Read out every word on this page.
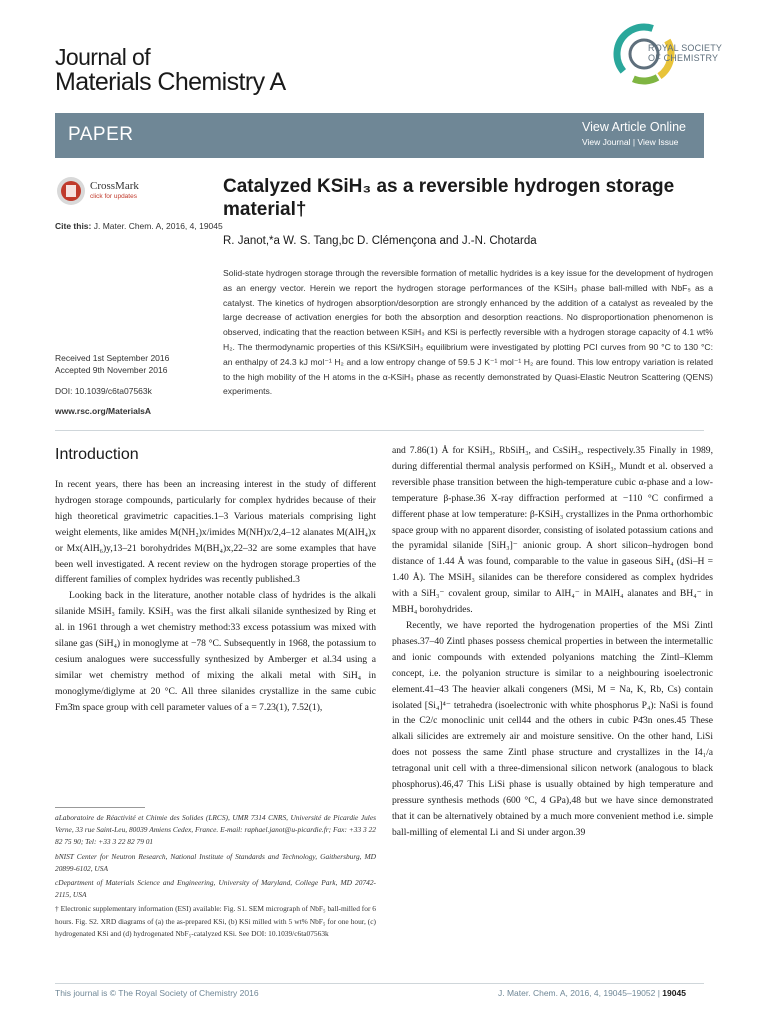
Journal of
Materials Chemistry A
ROYAL SOCIETY
OF CHEMISTRY
PAPER	View Article Online
View Journal | View Issue
CrossMark
click for updates
Cite this: J. Mater. Chem. A, 2016, 4, 19045
Received 1st September 2016
Accepted 9th November 2016
DOI: 10.1039/c6ta07563k
www.rsc.org/MaterialsA
Catalyzed KSiH₃ as a reversible hydrogen storage material†
R. Janot,*a W. S. Tang,bc D. Clémençona and J.-N. Chotarda
Solid-state hydrogen storage through the reversible formation of metallic hydrides is a key issue for the development of hydrogen as an energy vector. Herein we report the hydrogen storage performances of the KSiH₃ phase ball-milled with NbF₅ as a catalyst. The kinetics of hydrogen absorption/desorption are strongly enhanced by the addition of a catalyst as revealed by the large decrease of activation energies for both the absorption and desorption reactions. No disproportionation phenomenon is observed, indicating that the reaction between KSiH₃ and KSi is perfectly reversible with a hydrogen storage capacity of 4.1 wt% H₂. The thermodynamic properties of this KSi/KSiH₃ equilibrium were investigated by plotting PCI curves from 90 °C to 130 °C: an enthalpy of 24.3 kJ mol⁻¹ H₂ and a low entropy change of 59.5 J K⁻¹ mol⁻¹ H₂ are found. This low entropy variation is related to the high mobility of the H atoms in the α-KSiH₃ phase as recently demonstrated by Quasi-Elastic Neutron Scattering (QENS) experiments.
Introduction

In recent years, there has been an increasing interest in the study of different hydrogen storage compounds, particularly for complex hydrides because of their high theoretical gravimetric capacities.1–3 Various materials comprising light weight elements, like amides M(NH₂)x/imides M(NH)x/2,4–12 alanates M(AlH₄)x or Mx(AlH₆)y,13–21 borohydrides M(BH₄)x,22–32 are some examples that have been well investigated. A recent review on the hydrogen storage properties of the different families of complex hydrides was recently published.3

Looking back in the literature, another notable class of hydrides is the alkali silanide MSiH₃ family. KSiH₃ was the first alkali silanide synthesized by Ring et al. in 1961 through a wet chemistry method:33 excess potassium was mixed with silane gas (SiH₄) in monoglyme at −78 °C. Subsequently in 1968, the potassium to cesium analogues were successfully synthesized by Amberger et al.34 using a similar wet chemistry method of mixing the alkali metal with SiH₄ in monoglyme/diglyme at 20 °C. All three silanides crystallize in the same cubic Fm3̄m space group with cell parameter values of a = 7.23(1), 7.52(1),

and 7.86(1) Å for KSiH₃, RbSiH₃, and CsSiH₃, respectively.35 Finally in 1989, during differential thermal analysis performed on KSiH₃, Mundt et al. observed a reversible phase transition between the high-temperature cubic α-phase and a low-temperature β-phase.36 X-ray diffraction performed at −110 °C confirmed a different phase at low temperature: β-KSiH₃ crystallizes in the Pnma orthorhombic space group with no apparent disorder, consisting of isolated potassium cations and the pyramidal silanide [SiH₃]⁻ anionic group. A short silicon–hydrogen bond distance of 1.44 Å was found, comparable to the value in gaseous SiH₄ (dSi–H = 1.40 Å). The MSiH₃ silanides can be therefore considered as complex hydrides with a SiH₃⁻ covalent group, similar to AlH₄⁻ in MAlH₄ alanates and BH₄⁻ in MBH₄ borohydrides.

Recently, we have reported the hydrogenation properties of the MSi Zintl phases.37–40 Zintl phases possess chemical properties in between the intermetallic and ionic compounds with extended polyanions matching the Zintl–Klemm concept, i.e. the polyanion structure is similar to a neighbouring isoelectronic element.41–43 The heavier alkali congeners (MSi, M = Na, K, Rb, Cs) contain isolated [Si₄]⁴⁻ tetrahedra (isoelectronic with white phosphorus P₄): NaSi is found in the C2/c monoclinic unit cell44 and the others in cubic P4̄3n ones.45 These alkali silicides are extremely air and moisture sensitive. On the other hand, LiSi does not possess the same Zintl phase structure and crystallizes in the I4₁/a tetragonal unit cell with a three-dimensional silicon network (analogous to black phosphorus).46,47 This LiSi phase is usually obtained by high temperature and pressure synthesis methods (600 °C, 4 GPa),48 but we have since demonstrated that it can be alternatively obtained by a much more convenient method i.e. simple ball-milling of elemental Li and Si under argon.39

aLaboratoire de Réactivité et Chimie des Solides (LRCS), UMR 7314 CNRS, Université de Picardie Jules Verne, 33 rue Saint-Leu, 80039 Amiens Cedex, France. E-mail: raphael.janot@u-picardie.fr; Fax: +33 3 22 82 75 90; Tel: +33 3 22 82 79 01

bNIST Center for Neutron Research, National Institute of Standards and Technology, Gaithersburg, MD 20899-6102, USA

cDepartment of Materials Science and Engineering, University of Maryland, College Park, MD 20742-2115, USA

† Electronic supplementary information (ESI) available: Fig. S1. SEM micrograph of NbF₅ ball-milled for 6 hours. Fig. S2. XRD diagrams of (a) the as-prepared KSi, (b) KSi milled with 5 wt% NbF₅ for one hour, (c) hydrogenated KSi and (d) hydrogenated NbF₅-catalyzed KSi. See DOI: 10.1039/c6ta07563k

This journal is © The Royal Society of Chemistry 2016	J. Mater. Chem. A, 2016, 4, 19045–19052 | 19045
